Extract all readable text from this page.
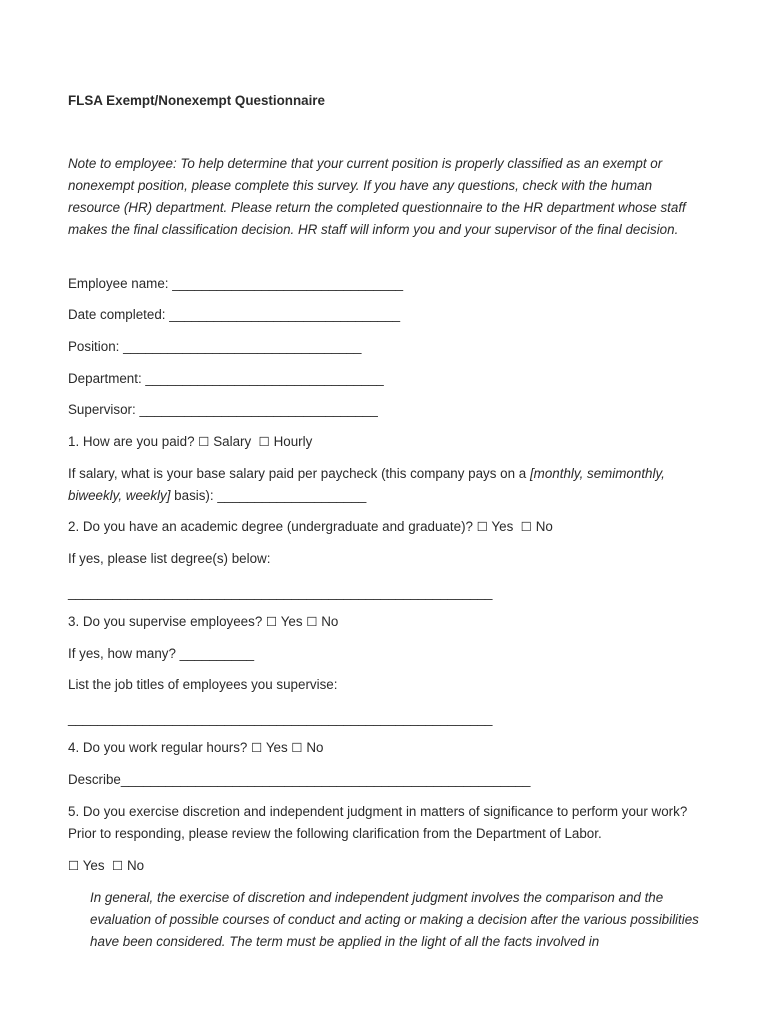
FLSA Exempt/Nonexempt Questionnaire
Note to employee: To help determine that your current position is properly classified as an exempt or nonexempt position, please complete this survey. If you have any questions, check with the human resource (HR) department. Please return the completed questionnaire to the HR department whose staff makes the final classification decision. HR staff will inform you and your supervisor of the final decision.
Employee name: _______________________________
Date completed: _______________________________
Position: ________________________________
Department: ________________________________
Supervisor: ________________________________
1. How are you paid? ☐ Salary ☐ Hourly
If salary, what is your base salary paid per paycheck (this company pays on a [monthly, semimonthly, biweekly, weekly] basis): ____________________
2. Do you have an academic degree (undergraduate and graduate)? ☐ Yes ☐ No
If yes, please list degree(s) below:
_________________________________________________________
3. Do you supervise employees? ☐ Yes ☐ No
If yes, how many? __________
List the job titles of employees you supervise:
_________________________________________________________
4. Do you work regular hours? ☐ Yes ☐ No
Describe_______________________________________________________
5. Do you exercise discretion and independent judgment in matters of significance to perform your work? Prior to responding, please review the following clarification from the Department of Labor.
☐ Yes ☐ No
In general, the exercise of discretion and independent judgment involves the comparison and the evaluation of possible courses of conduct and acting or making a decision after the various possibilities have been considered. The term must be applied in the light of all the facts involved in
